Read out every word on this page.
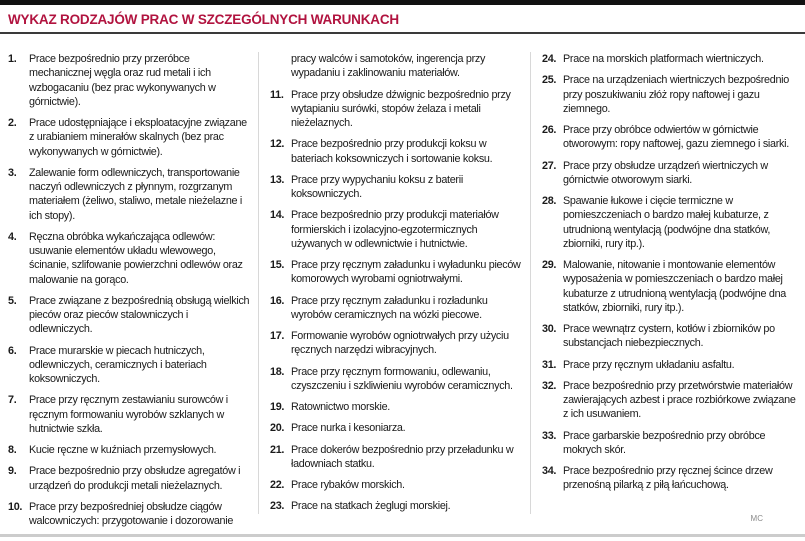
WYKAZ RODZAJÓW PRAC W SZCZEGÓLNYCH WARUNKACH
1.	Prace bezpośrednio przy przeróbce mechanicznej węgla oraz rud metali i ich wzbogacaniu (bez prac wykonywanych w górnictwie).
2.	Prace udostępniające i eksploatacyjne związane z urabianiem minerałów skalnych (bez prac wykonywanych w górnictwie).
3.	Zalewanie form odlewniczych, transportowanie naczyń odlewniczych z płynnym, rozgrzanym materiałem (żeliwo, staliwo, metale nieżelazne i ich stopy).
4.	Ręczna obróbka wykańczająca odlewów: usuwanie elementów układu wlewowego, ścinanie, szlifowanie powierzchni odlewów oraz malowanie na gorąco.
5.	Prace związane z bezpośrednią obsługą wielkich pieców oraz pieców stalowniczych i odlewniczych.
6.	Prace murarskie w piecach hutniczych, odlewniczych, ceramicznych i bateriach koksowniczych.
7.	Prace przy ręcznym zestawianiu surowców i ręcznym formowaniu wyrobów szklanych w hutnictwie szkła.
8.	Kucie ręczne w kuźniach przemysłowych.
9.	Prace bezpośrednio przy obsłudze agregatów i urządzeń do produkcji metali nieżelaznych.
10. Prace przy bezpośredniej obsłudze ciągów walcowniczych: przygotowanie i dozorowanie
pracy walców i samotoków, ingerencja przy wypadaniu i zaklinowaniu materiałów.
11. Prace przy obsłudze dźwignic bezpośrednio przy wytapianiu surówki, stopów żelaza i metali nieżelaznych.
12. Prace bezpośrednio przy produkcji koksu w bateriach koksowniczych i sortowanie koksu.
13. Prace przy wypychaniu koksu z baterii koksowniczych.
14. Prace bezpośrednio przy produkcji materiałów formierskich i izolacyjno-egzotermicznych używanych w odlewnictwie i hutnictwie.
15. Prace przy ręcznym załadunku i wyładunku pieców komorowych wyrobami ogniotrwałymi.
16. Prace przy ręcznym załadunku i rozładunku wyrobów ceramicznych na wózki piecowe.
17. Formowanie wyrobów ogniotrwałych przy użyciu ręcznych narzędzi wibracyjnych.
18. Prace przy ręcznym formowaniu, odlewaniu, czyszczeniu i szkliwieniu wyrobów ceramicznych.
19. Ratownictwo morskie.
20. Prace nurka i kesoniarza.
21. Prace dokerów bezpośrednio przy przeładunku w ładowniach statku.
22. Prace rybaków morskich.
23. Prace na statkach żeglugi morskiej.
24. Prace na morskich platformach wiertniczych.
25. Prace na urządzeniach wiertniczych bezpośrednio przy poszukiwaniu złóż ropy naftowej i gazu ziemnego.
26. Prace przy obróbce odwiertów w górnictwie otworowym: ropy naftowej, gazu ziemnego i siarki.
27. Prace przy obsłudze urządzeń wiertniczych w górnictwie otworowym siarki.
28. Spawanie łukowe i cięcie termiczne w pomieszczeniach o bardzo małej kubaturze, z utrudnioną wentylacją (podwójne dna statków, zbiorniki, rury itp.).
29. Malowanie, nitowanie i montowanie elementów wyposażenia w pomieszczeniach o bardzo małej kubaturze z utrudnioną wentylacją (podwójne dna statków, zbiorniki, rury itp.).
30. Prace wewnątrz cystern, kotłów i zbiorników po substancjach niebezpiecznych.
31. Prace przy ręcznym układaniu asfaltu.
32. Prace bezpośrednio przy przetwórstwie materiałów zawierających azbest i prace rozbiórkowe związane z ich usuwaniem.
33. Prace garbarskie bezpośrednio przy obróbce mokrych skór.
34. Prace bezpośrednio przy ręcznej ścince drzew przenośną pilarką z piłą łańcuchową.
MC
